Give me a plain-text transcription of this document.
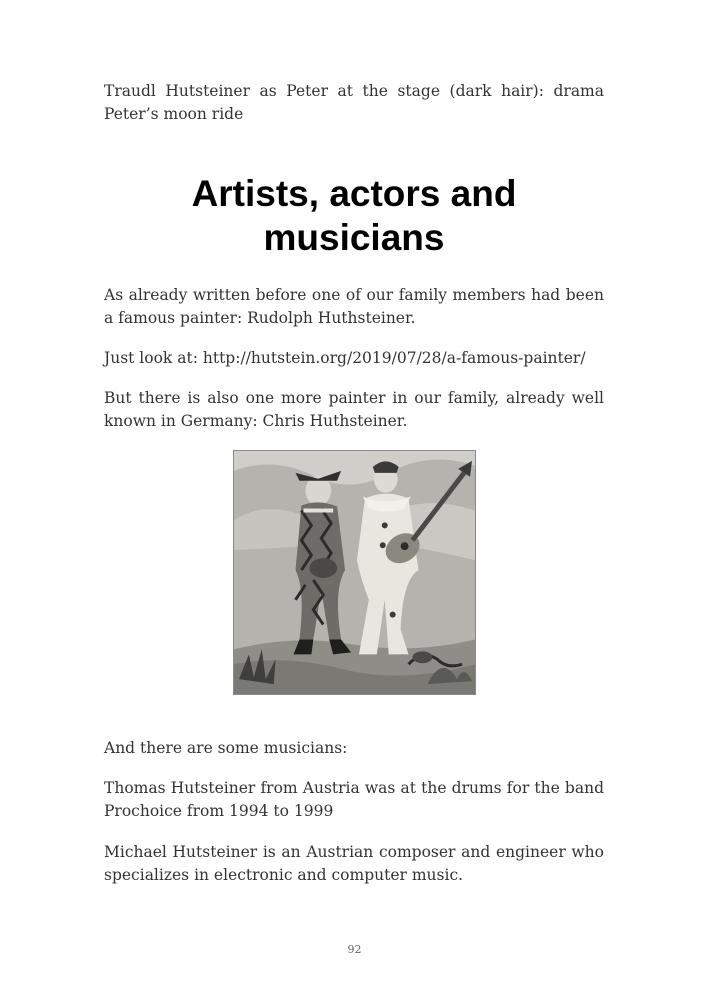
Traudl Hutsteiner as Peter at the stage (dark hair): drama Peter’s moon ride

Artists, actors and musicians

As already written before one of our family members had been a famous painter: Rudolph Huthsteiner.

Just look at: http://hutstein.org/2019/07/28/a-famous-painter/

But there is also one more painter in our family, already well known in Germany: Chris Huthsteiner.

And there are some musicians:

Thomas Hutsteiner from Austria was at the drums for the band Prochoice from 1994 to 1999

Michael Hutsteiner is an Austrian composer and engineer who specializes in electronic and computer music.

92
